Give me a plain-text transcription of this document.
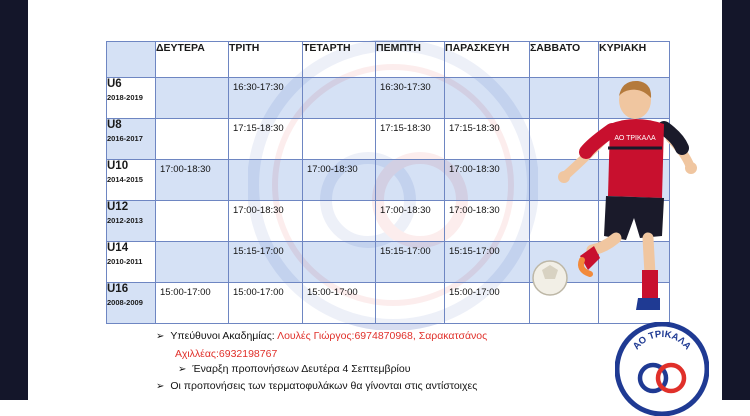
	ΔΕΥΤΕΡΑ	ΤΡΙΤΗ	ΤΕΤΑΡΤΗ	ΠΕΜΠΤΗ	ΠΑΡΑΣΚΕΥΗ	ΣΑΒΒΑΤΟ	ΚΥΡΙΑΚΗ

U6
2018-2019		16:30-17:30		16:30-17:30			

U8
2016-2017		17:15-18:30		17:15-18:30	17:15-18:30		

U10
2014-2015	17:00-18:30		17:00-18:30		17:00-18:30		

U12
2012-2013		17:00-18:30		17:00-18:30	17:00-18:30		

U14
2010-2011		15:15-17:00		15:15-17:00	15:15-17:00		

U16
2008-2009	15:00-17:00	15:00-17:00	15:00-17:00		15:00-17:00		

ΑΟ ΤΡΙΚΑΛΑ
➢ Υπεύθυνοι Ακαδημίας: Λουλές Γιώργος:6974870968, Σαρακατσάνος
Αχιλλέας:6932198767
➢ Έναρξη προπονήσεων Δευτέρα 4 Σεπτεμβρίου
➢ Οι προπονήσεις των τερματοφυλάκων θα γίνονται στις αντίστοιχες
ΑΟ ΤΡΙΚΑΛΑ
